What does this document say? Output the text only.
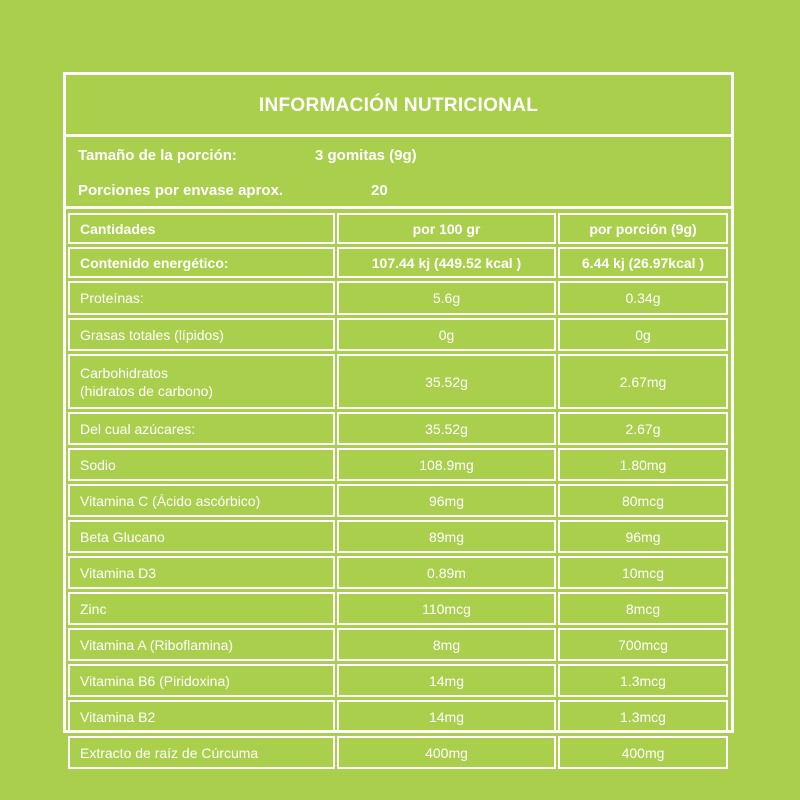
INFORMACIÓN NUTRICIONAL
Tamaño de la porción:	3 gomitas (9g)
Porciones por envase aprox.	20
Cantidades	por 100 gr	por porción (9g)
Contenido energético:	107.44 kj (449.52 kcal )	6.44 kj (26.97kcal )
Proteínas:	5.6g	0.34g
Grasas totales (lípidos)	0g	0g
Carbohidratos
(hidratos de carbono)
35.52g	2.67mg
Del cual azúcares:	35.52g	2.67g
Sodio	108.9mg	1.80mg
Vitamina C (Ácido ascórbico)	96mg	80mcg
Beta Glucano	89mg	96mg
Vitamina D3	0.89m	10mcg
Zinc	110mcg	8mcg
Vitamina A (Riboflamina)	8mg	700mcg
Vitamina B6 (Piridoxina)	14mg	1.3mcg
Vitamina B2	14mg	1.3mcg
Extracto de raíz de Cúrcuma	400mg	400mg
